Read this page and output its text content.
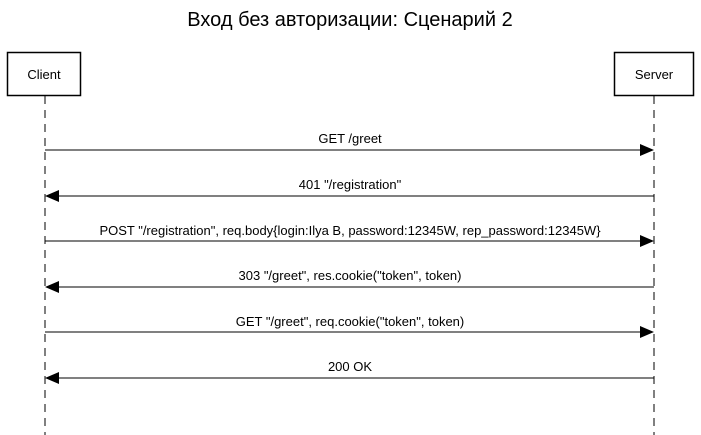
Вход без авторизации: Сценарий 2
Client	Server
GET /greet
401 "/registration"
POST "/registration", req.body{login:Ilya B, password:12345W, rep_password:12345W}
303 "/greet", res.cookie("token", token)
GET "/greet", req.cookie("token", token)
200 OK
